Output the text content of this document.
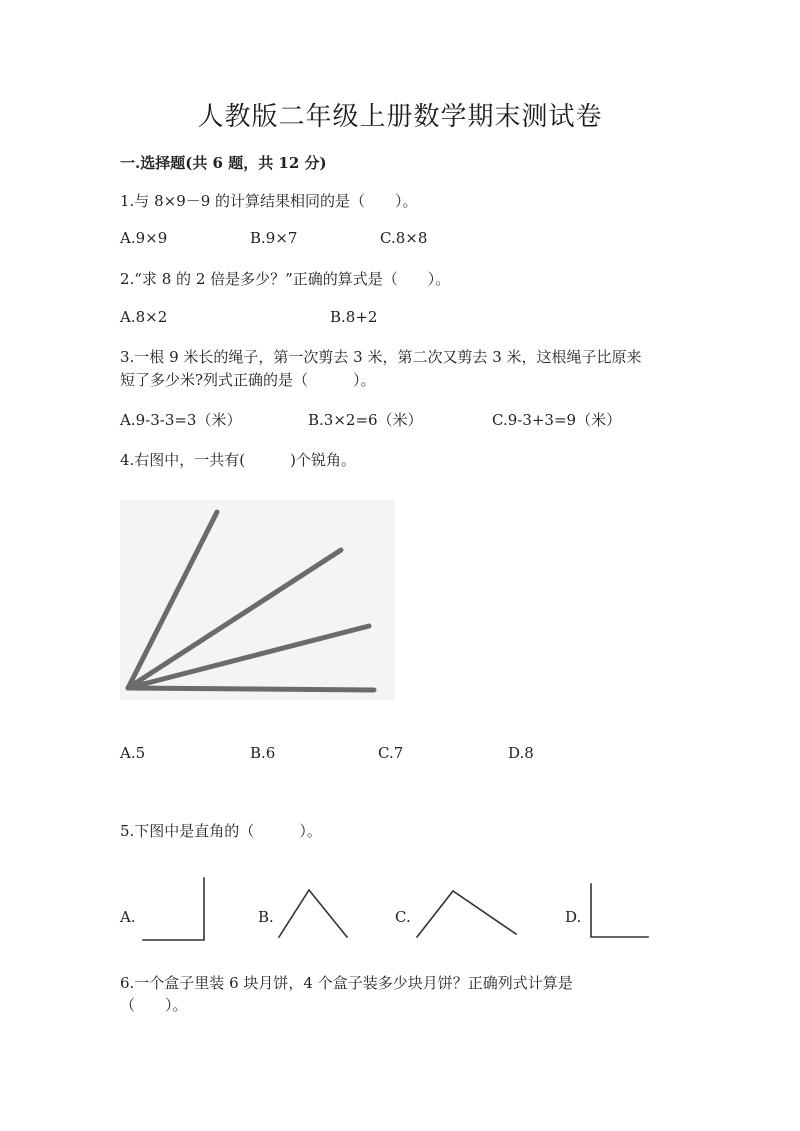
人教版二年级上册数学期末测试卷
一.选择题(共 6 题，共 12 分)
1.与 8×9－9 的计算结果相同的是（　　）。
A.9×9	B.9×7	C.8×8
2.“求 8 的 2 倍是多少？”正确的算式是（　　）。
A.8×2	B.8+2
3.一根 9 米长的绳子，第一次剪去 3 米，第二次又剪去 3 米，这根绳子比原来
短了多少米?列式正确的是（　　　）。
A.9-3-3=3（米）	B.3×2=6（米）	C.9-3+3=9（米）
4.右图中，一共有(　　　)个锐角。
A.5	B.6	C.7	D.8
5.下图中是直角的（　　　）。
A.	B.	C.	D.
6.一个盒子里装 6 块月饼，4 个盒子装多少块月饼？正确列式计算是
（　　）。
